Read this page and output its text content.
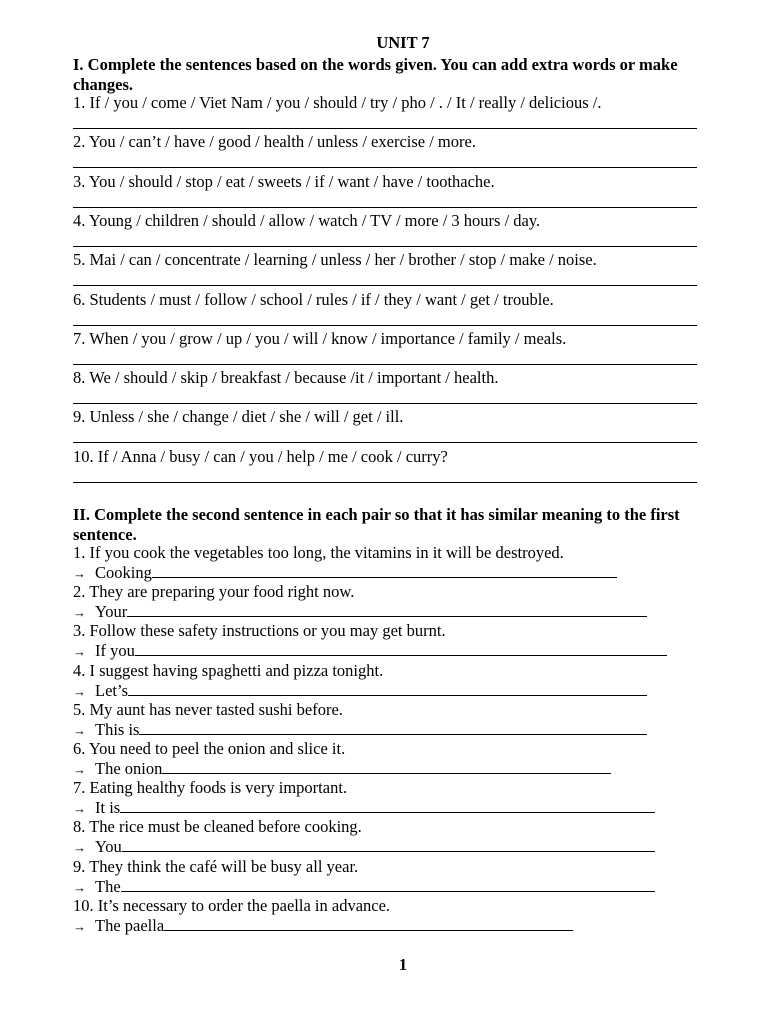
UNIT 7
I. Complete the sentences based on the words given. You can add extra words or make changes.
1. If / you / come / Viet Nam / you / should / try / pho / . / It / really / delicious /.
2. You / can’t / have / good / health / unless / exercise / more.
3. You / should / stop / eat / sweets / if / want / have / toothache.
4. Young / children / should / allow / watch / TV / more / 3 hours / day.
5. Mai / can / concentrate / learning / unless / her / brother / stop / make / noise.
6. Students / must / follow / school / rules / if / they / want / get / trouble.
7. When / you / grow / up / you / will / know / importance / family / meals.
8. We / should / skip / breakfast / because /it / important / health.
9. Unless / she / change / diet / she / will / get / ill.
10. If / Anna / busy / can / you / help / me / cook / curry?
II. Complete the second sentence in each pair so that it has similar meaning to the first sentence.
1. If you cook the vegetables too long, the vitamins in it will be destroyed.
→ Cooking
2. They are preparing your food right now.
→ Your
3. Follow these safety instructions or you may get burnt.
→ If you
4. I suggest having spaghetti and pizza tonight.
→ Let’s
5. My aunt has never tasted sushi before.
→ This is
6. You need to peel the onion and slice it.
→ The onion
7. Eating healthy foods is very important.
→ It is
8. The rice must be cleaned before cooking.
→ You
9. They think the café will be busy all year.
→ The
10. It’s necessary to order the paella in advance.
→ The paella
1
